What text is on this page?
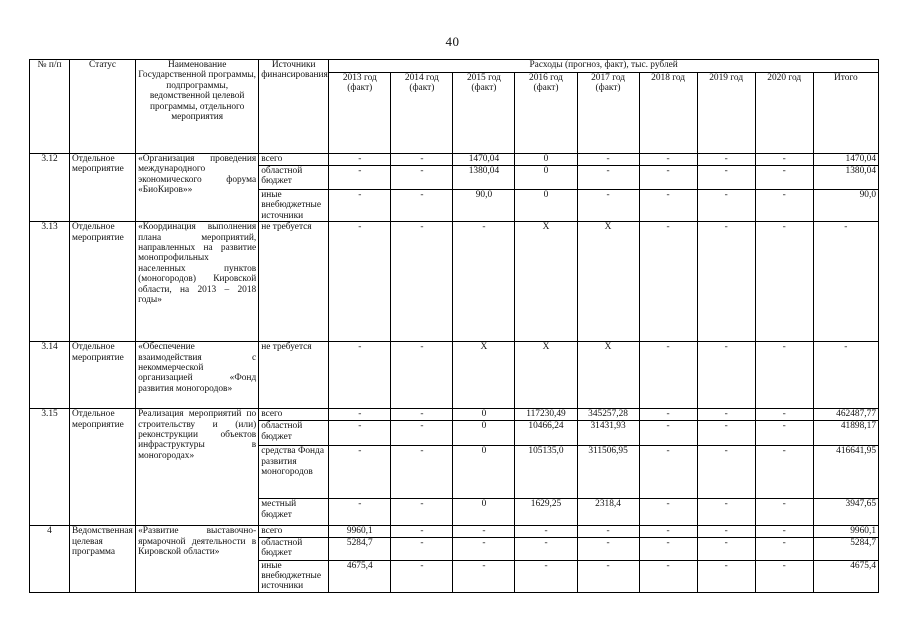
40
№ п/п	Статус	Наименование Государственной программы, подпрограммы, ведомственной целевой программы, отдельного мероприятия	Источники финансирования	Расходы (прогноз, факт), тыс. рублей								
				2013 год (факт)	2014 год (факт)	2015 год (факт)	2016 год (факт)	2017 год (факт)	2018 год	2019 год	2020 год	Итого
3.12	Отдельное мероприятие	«Организация проведения международного экономического форума «БиоКиров»»	всего	-	-	1470,04	0	-	-	-	-	1470,04
			областной бюджет	-	-	1380,04	0	-	-	-	-	1380,04
			иные внебюджетные источники	-	-	90,0	0	-	-	-	-	90,0
3.13	Отдельное мероприятие	«Координация выполнения плана мероприятий, направленных на развитие монопрофильных населенных пунктов (моногородов) Кировской области, на 2013 – 2018 годы»	не требуется	-	-	-	X	X	-	-	-	-
3.14	Отдельное мероприятие	«Обеспечение взаимодействия с некоммерческой организацией «Фонд развития моногородов»	не требуется	-	-	X	X	X	-	-	-	-
3.15	Отдельное мероприятие	Реализация мероприятий по строительству и (или) реконструкции объектов инфраструктуры в моногородах»	всего	-	-	0	117230,49	345257,28	-	-	-	462487,77
			областной бюджет	-	-	0	10466,24	31431,93	-	-	-	41898,17
			средства Фонда развития моногородов	-	-	0	105135,0	311506,95	-	-	-	416641,95
			местный бюджет	-	-	0	1629,25	2318,4	-	-	-	3947,65
4	Ведомственная целевая программа	«Развитие выставочно-ярмарочной деятельности в Кировской области»	всего	9960,1	-	-	-	-	-	-	-	9960,1
			областной бюджет	5284,7	-	-	-	-	-	-	-	5284,7
			иные внебюджетные источники	4675,4	-	-	-	-	-	-	-	4675,4
